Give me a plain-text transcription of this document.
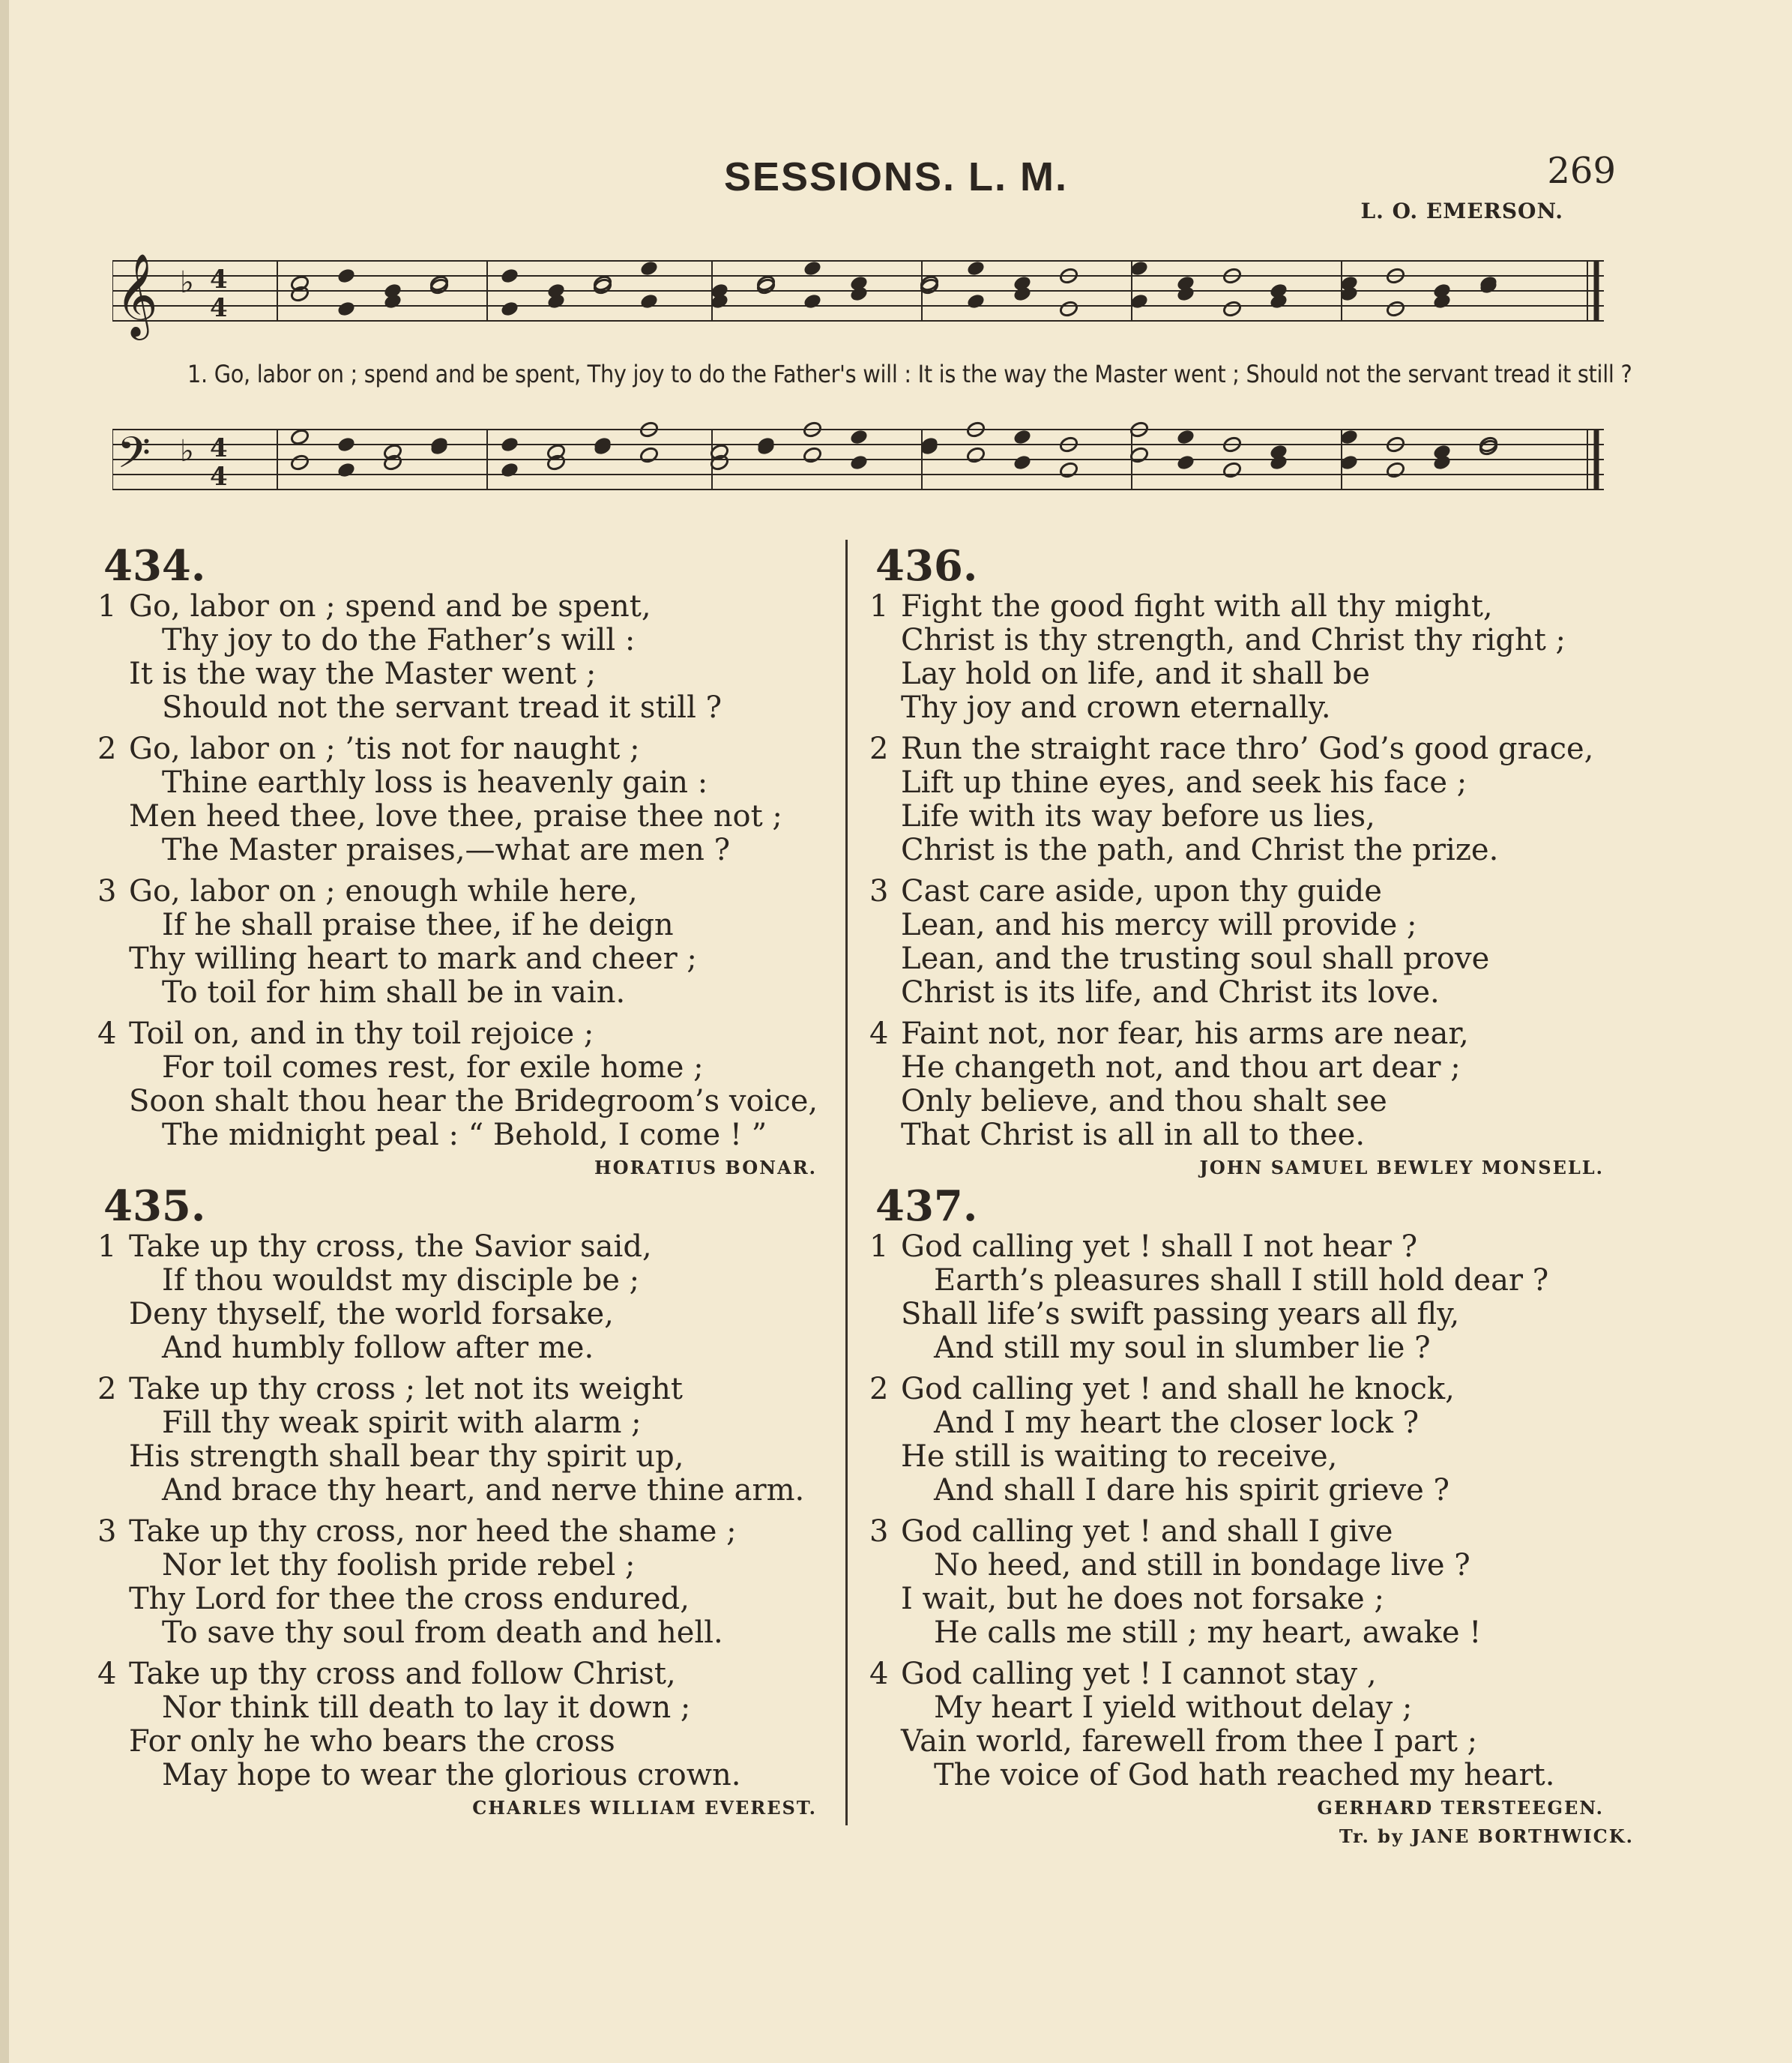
SESSIONS. L. M.	269
L. O. EMERSON.
𝄞 ♭ 4
4
1. Go, labor on ; spend and be spent, Thy joy to do the Father's will : It is the way the Master went ; Should not the servant tread it still ?
𝄢 ♭ 4
4
434.
1 Go, labor on ; spend and be spent,
Thy joy to do the Father’s will :
It is the way the Master went ;
Should not the servant tread it still ?
2 Go, labor on ; ’tis not for naught ;
Thine earthly loss is heavenly gain :
Men heed thee, love thee, praise thee not ;
The Master praises,—what are men ?
3 Go, labor on ; enough while here,
If he shall praise thee, if he deign
Thy willing heart to mark and cheer ;
To toil for him shall be in vain.
4 Toil on, and in thy toil rejoice ;
For toil comes rest, for exile home ;
Soon shalt thou hear the Bridegroom’s voice,
The midnight peal : “ Behold, I come ! ”
HORATIUS BONAR.
435.
1 Take up thy cross, the Savior said,
If thou wouldst my disciple be ;
Deny thyself, the world forsake,
And humbly follow after me.
2 Take up thy cross ; let not its weight
Fill thy weak spirit with alarm ;
His strength shall bear thy spirit up,
And brace thy heart, and nerve thine arm.
3 Take up thy cross, nor heed the shame ;
Nor let thy foolish pride rebel ;
Thy Lord for thee the cross endured,
To save thy soul from death and hell.
4 Take up thy cross and follow Christ,
Nor think till death to lay it down ;
For only he who bears the cross
May hope to wear the glorious crown.
CHARLES WILLIAM EVEREST.
436.
1 Fight the good fight with all thy might,
Christ is thy strength, and Christ thy right ;
Lay hold on life, and it shall be
Thy joy and crown eternally.
2 Run the straight race thro’ God’s good grace,
Lift up thine eyes, and seek his face ;
Life with its way before us lies,
Christ is the path, and Christ the prize.
3 Cast care aside, upon thy guide
Lean, and his mercy will provide ;
Lean, and the trusting soul shall prove
Christ is its life, and Christ its love.
4 Faint not, nor fear, his arms are near,
He changeth not, and thou art dear ;
Only believe, and thou shalt see
That Christ is all in all to thee.
JOHN SAMUEL BEWLEY MONSELL.
437.
1 God calling yet ! shall I not hear ?
Earth’s pleasures shall I still hold dear ?
Shall life’s swift passing years all fly,
And still my soul in slumber lie ?
2 God calling yet ! and shall he knock,
And I my heart the closer lock ?
He still is waiting to receive,
And shall I dare his spirit grieve ?
3 God calling yet ! and shall I give
No heed, and still in bondage live ?
I wait, but he does not forsake ;
He calls me still ; my heart, awake !
4 God calling yet ! I cannot stay ,
My heart I yield without delay ;
Vain world, farewell from thee I part ;
The voice of God hath reached my heart.
GERHARD TERSTEEGEN.
Tr. by JANE BORTHWICK.
